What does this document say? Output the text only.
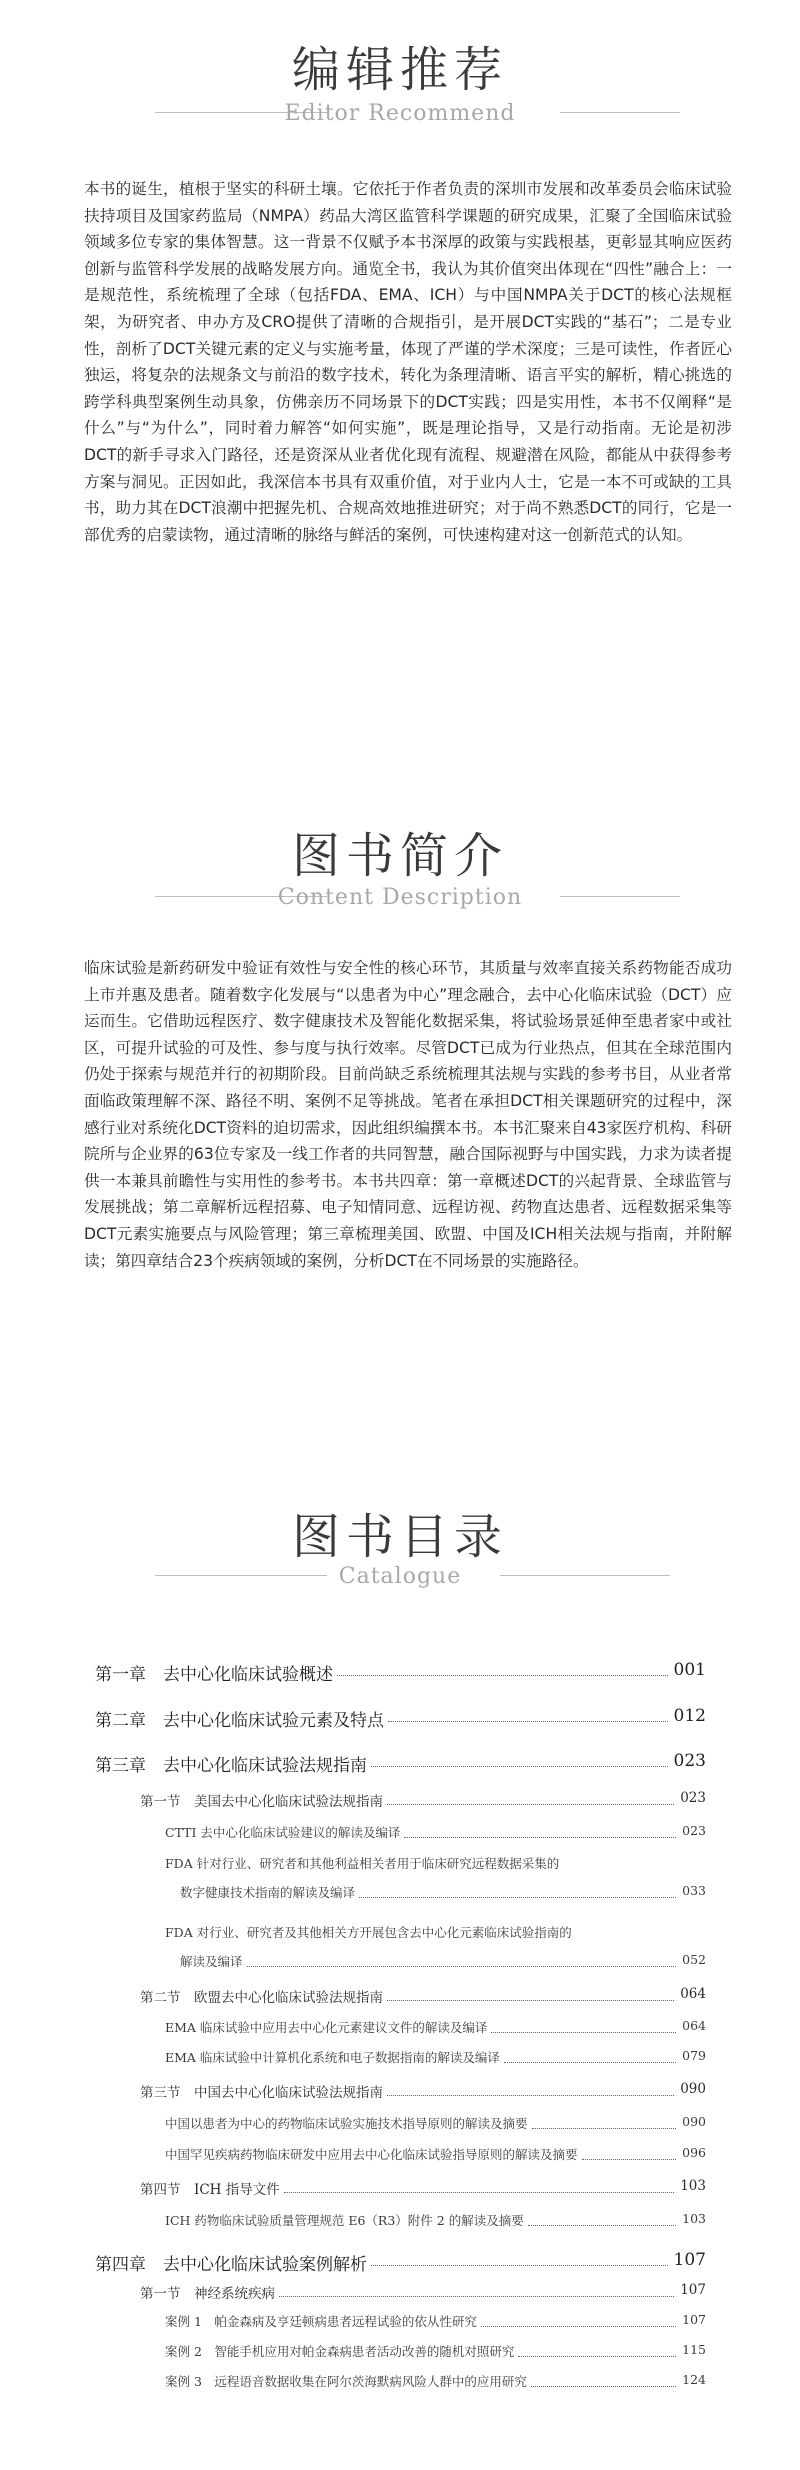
编辑推荐
Editor Recommend

本书的诞生，植根于坚实的科研土壤。它依托于作者负责的深圳市发展和改革委员会临床试验扶持项目及国家药监局（NMPA）药品大湾区监管科学课题的研究成果，汇聚了全国临床试验领域多位专家的集体智慧。这一背景不仅赋予本书深厚的政策与实践根基，更彰显其响应医药创新与监管科学发展的战略发展方向。通览全书，我认为其价值突出体现在“四性”融合上：一是规范性，系统梳理了全球（包括FDA、EMA、ICH）与中国NMPA关于DCT的核心法规框架，为研究者、申办方及CRO提供了清晰的合规指引，是开展DCT实践的“基石”；二是专业性，剖析了DCT关键元素的定义与实施考量，体现了严谨的学术深度；三是可读性，作者匠心独运，将复杂的法规条文与前沿的数字技术，转化为条理清晰、语言平实的解析，精心挑选的跨学科典型案例生动具象，仿佛亲历不同场景下的DCT实践；四是实用性，本书不仅阐释“是什么”与“为什么”，同时着力解答“如何实施”，既是理论指导，又是行动指南。无论是初涉DCT的新手寻求入门路径，还是资深从业者优化现有流程、规避潜在风险，都能从中获得参考方案与洞见。正因如此，我深信本书具有双重价值，对于业内人士，它是一本不可或缺的工具书，助力其在DCT浪潮中把握先机、合规高效地推进研究；对于尚不熟悉DCT的同行，它是一部优秀的启蒙读物，通过清晰的脉络与鲜活的案例，可快速构建对这一创新范式的认知。

图书简介
Content Description

临床试验是新药研发中验证有效性与安全性的核心环节，其质量与效率直接关系药物能否成功上市并惠及患者。随着数字化发展与“以患者为中心”理念融合，去中心化临床试验（DCT）应运而生。它借助远程医疗、数字健康技术及智能化数据采集，将试验场景延伸至患者家中或社区，可提升试验的可及性、参与度与执行效率。尽管DCT已成为行业热点，但其在全球范围内仍处于探索与规范并行的初期阶段。目前尚缺乏系统梳理其法规与实践的参考书目，从业者常面临政策理解不深、路径不明、案例不足等挑战。笔者在承担DCT相关课题研究的过程中，深感行业对系统化DCT资料的迫切需求，因此组织编撰本书。本书汇聚来自43家医疗机构、科研院所与企业界的63位专家及一线工作者的共同智慧，融合国际视野与中国实践，力求为读者提供一本兼具前瞻性与实用性的参考书。本书共四章：第一章概述DCT的兴起背景、全球监管与发展挑战；第二章解析远程招募、电子知情同意、远程访视、药物直达患者、远程数据采集等DCT元素实施要点与风险管理；第三章梳理美国、欧盟、中国及ICH相关法规与指南，并附解读；第四章结合23个疾病领域的案例，分析DCT在不同场景的实施路径。

图书目录
Catalogue
第一章　去中心化临床试验概述	001
第二章　去中心化临床试验元素及特点	012
第三章　去中心化临床试验法规指南	023
第一节　美国去中心化临床试验法规指南	023
CTTI 去中心化临床试验建议的解读及编译	023
FDA 针对行业、研究者和其他利益相关者用于临床研究远程数据采集的
数字健康技术指南的解读及编译	033
FDA 对行业、研究者及其他相关方开展包含去中心化元素临床试验指南的
解读及编译	052
第二节　欧盟去中心化临床试验法规指南	064
EMA 临床试验中应用去中心化元素建议文件的解读及编译	064
EMA 临床试验中计算机化系统和电子数据指南的解读及编译	079
第三节　中国去中心化临床试验法规指南	090
中国以患者为中心的药物临床试验实施技术指导原则的解读及摘要	090
中国罕见疾病药物临床研发中应用去中心化临床试验指导原则的解读及摘要	096
第四节　ICH 指导文件	103
ICH 药物临床试验质量管理规范 E6（R3）附件 2 的解读及摘要	103
第四章　去中心化临床试验案例解析	107
第一节　神经系统疾病	107
案例 1　帕金森病及亨廷顿病患者远程试验的依从性研究	107
案例 2　智能手机应用对帕金森病患者活动改善的随机对照研究	115
案例 3　远程语音数据收集在阿尔茨海默病风险人群中的应用研究	124
